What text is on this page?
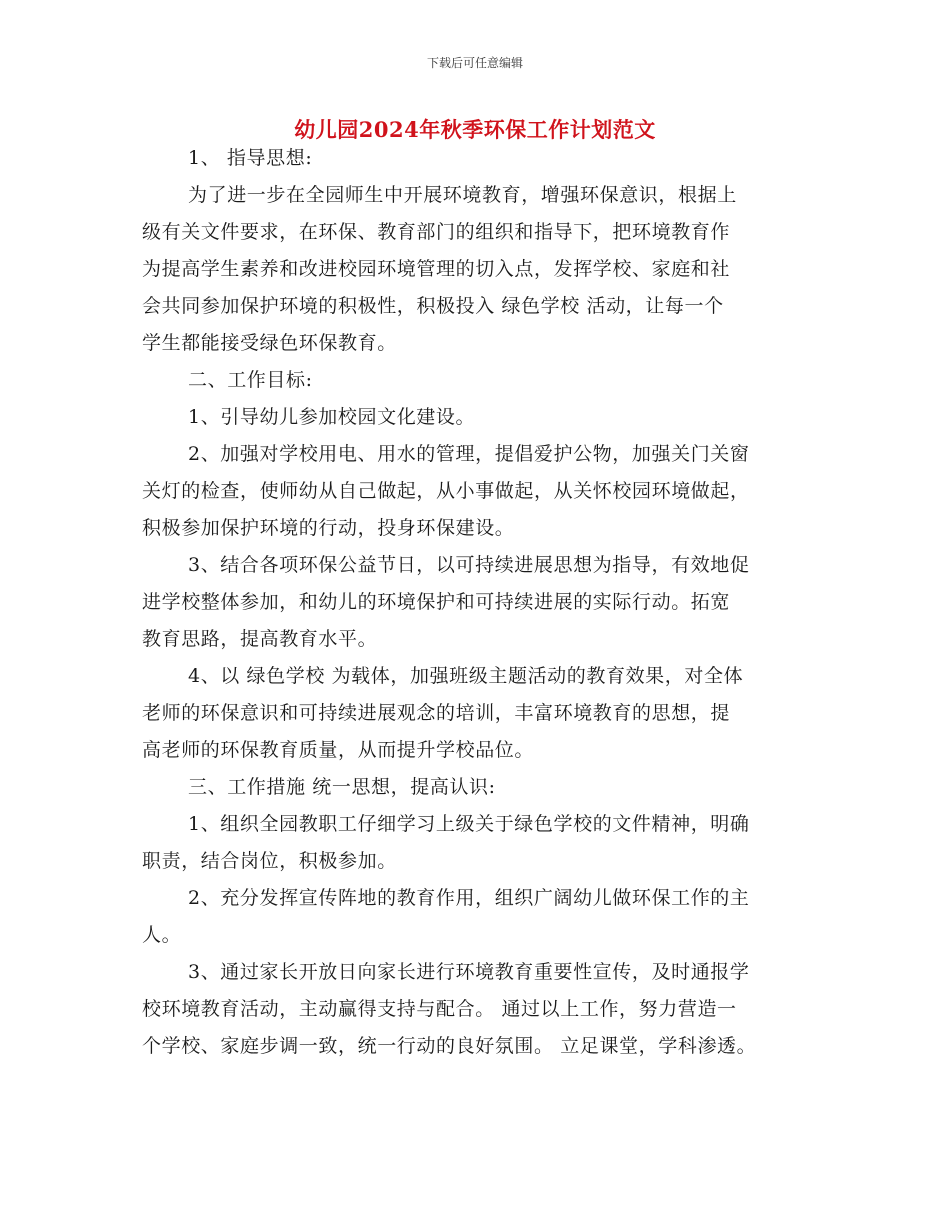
下载后可任意编辑
幼儿园2024年秋季环保工作计划范文
1、 指导思想:
为了进一步在全园师生中开展环境教育，增强环保意识，根据上
级有关文件要求，在环保、教育部门的组织和指导下，把环境教育作
为提高学生素养和改进校园环境管理的切入点，发挥学校、家庭和社
会共同参加保护环境的积极性，积极投入 绿色学校 活动，让每一个
学生都能接受绿色环保教育。
二、工作目标:
1、引导幼儿参加校园文化建设。
2、加强对学校用电、用水的管理，提倡爱护公物，加强关门关窗
关灯的检查，使师幼从自己做起，从小事做起，从关怀校园环境做起，
积极参加保护环境的行动，投身环保建设。
3、结合各项环保公益节日，以可持续进展思想为指导，有效地促
进学校整体参加，和幼儿的环境保护和可持续进展的实际行动。拓宽
教育思路，提高教育水平。
4、以 绿色学校 为载体，加强班级主题活动的教育效果，对全体
老师的环保意识和可持续进展观念的培训，丰富环境教育的思想，提
高老师的环保教育质量，从而提升学校品位。
三、工作措施 统一思想，提高认识:
1、组织全园教职工仔细学习上级关于绿色学校的文件精神，明确
职责，结合岗位，积极参加。
2、充分发挥宣传阵地的教育作用，组织广阔幼儿做环保工作的主
人。
3、通过家长开放日向家长进行环境教育重要性宣传，及时通报学
校环境教育活动，主动赢得支持与配合。 通过以上工作，努力营造一
个学校、家庭步调一致，统一行动的良好氛围。 立足课堂，学科渗透。
